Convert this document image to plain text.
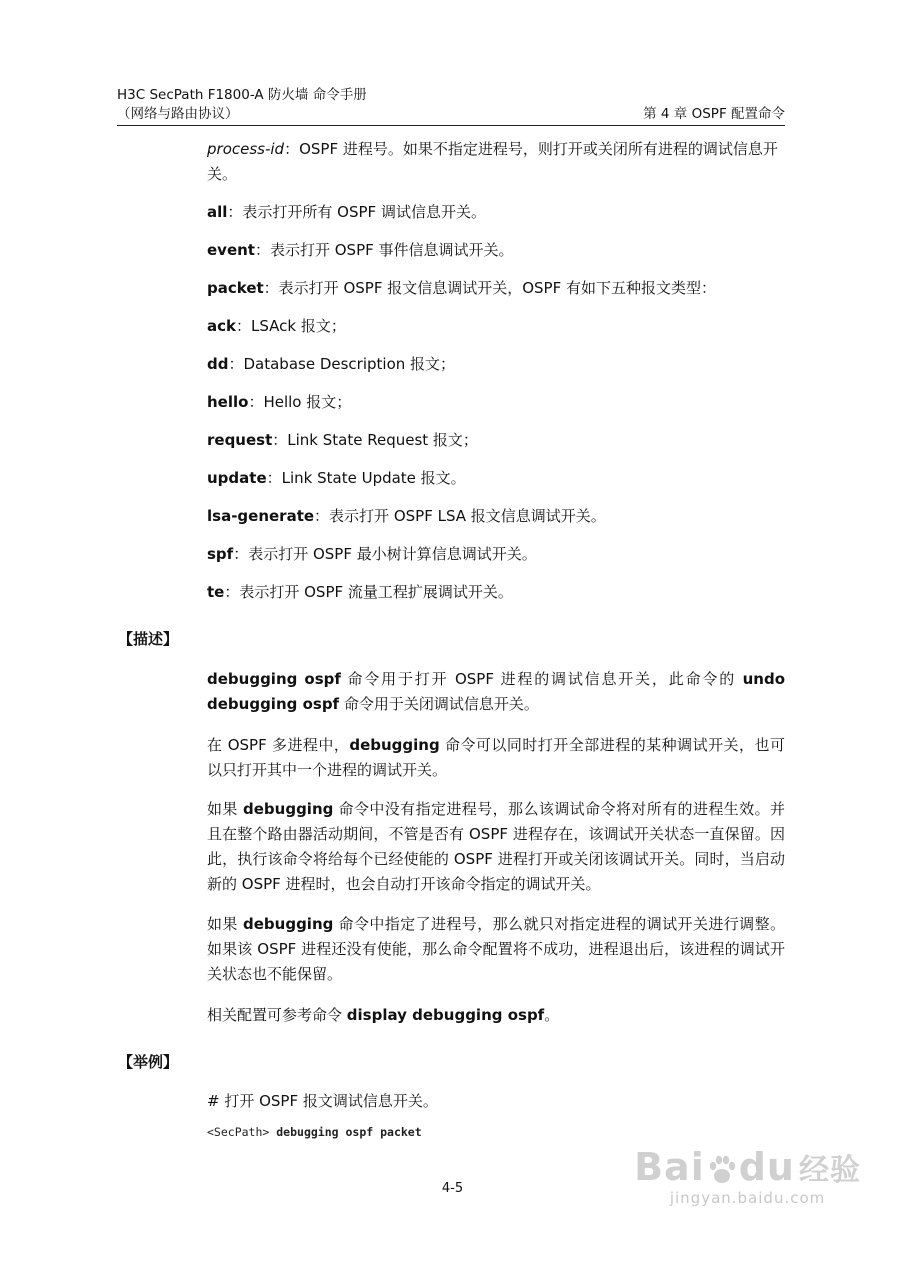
H3C SecPath F1800-A 防火墙 命令手册
（网络与路由协议）	第 4 章 OSPF 配置命令

process-id：OSPF 进程号。如果不指定进程号，则打开或关闭所有进程的调试信息开关。

all：表示打开所有 OSPF 调试信息开关。

event：表示打开 OSPF 事件信息调试开关。

packet：表示打开 OSPF 报文信息调试开关，OSPF 有如下五种报文类型：

ack：LSAck 报文；

dd：Database Description 报文；

hello：Hello 报文；

request：Link State Request 报文；

update：Link State Update 报文。

lsa-generate：表示打开 OSPF LSA 报文信息调试开关。

spf：表示打开 OSPF 最小树计算信息调试开关。

te：表示打开 OSPF 流量工程扩展调试开关。

【描述】

debugging ospf 命令用于打开 OSPF 进程的调试信息开关，此命令的 undo debugging ospf 命令用于关闭调试信息开关。

在 OSPF 多进程中，debugging 命令可以同时打开全部进程的某种调试开关，也可以只打开其中一个进程的调试开关。

如果 debugging 命令中没有指定进程号，那么该调试命令将对所有的进程生效。并且在整个路由器活动期间，不管是否有 OSPF 进程存在，该调试开关状态一直保留。因此，执行该命令将给每个已经使能的 OSPF 进程打开或关闭该调试开关。同时，当启动新的 OSPF 进程时，也会自动打开该命令指定的调试开关。

如果 debugging 命令中指定了进程号，那么就只对指定进程的调试开关进行调整。如果该 OSPF 进程还没有使能，那么命令配置将不成功，进程退出后，该进程的调试开关状态也不能保留。

相关配置可参考命令 display debugging ospf。

【举例】

# 打开 OSPF 报文调试信息开关。

<SecPath> debugging ospf packet
4-5	Bai du 经验
jingyan.baidu.com
